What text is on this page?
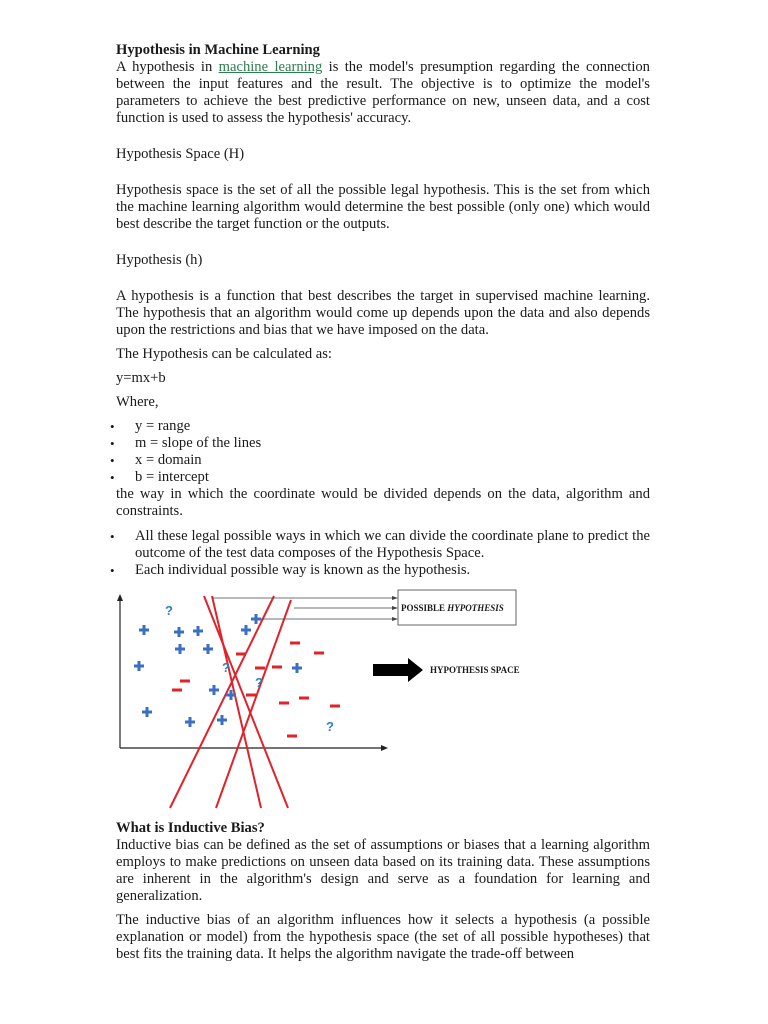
Hypothesis in Machine Learning

A hypothesis in machine learning is the model's presumption regarding the connection between the input features and the result. The objective is to optimize the model's parameters to achieve the best predictive performance on new, unseen data, and a cost function is used to assess the hypothesis' accuracy.

Hypothesis Space (H)

Hypothesis space is the set of all the possible legal hypothesis. This is the set from which the machine learning algorithm would determine the best possible (only one) which would best describe the target function or the outputs.

Hypothesis (h)

A hypothesis is a function that best describes the target in supervised machine learning. The hypothesis that an algorithm would come up depends upon the data and also depends upon the restrictions and bias that we have imposed on the data.

The Hypothesis can be calculated as:

y=mx+b

Where,

• y = range
• m = slope of the lines
• x = domain
• b = intercept

the way in which the coordinate would be divided depends on the data, algorithm and constraints.

• All these legal possible ways in which we can divide the coordinate plane to predict the outcome of the test data composes of the Hypothesis Space.
• Each individual possible way is known as the hypothesis.
POSSIBLE HYPOTHESIS
HYPOTHESIS SPACE
?
?
?
?

What is Inductive Bias?

Inductive bias can be defined as the set of assumptions or biases that a learning algorithm employs to make predictions on unseen data based on its training data. These assumptions are inherent in the algorithm's design and serve as a foundation for learning and generalization.

The inductive bias of an algorithm influences how it selects a hypothesis (a possible explanation or model) from the hypothesis space (the set of all possible hypotheses) that best fits the training data. It helps the algorithm navigate the trade-off between
